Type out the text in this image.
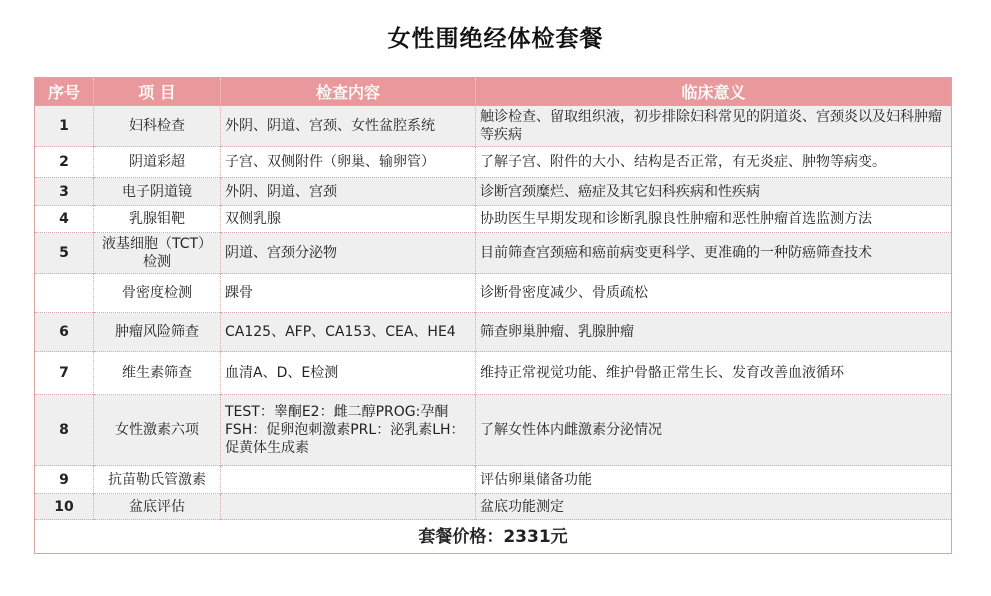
女性围绝经体检套餐
序号	项 目	检查内容	临床意义
1	妇科检查	外阴、阴道、宫颈、女性盆腔系统	触诊检查、留取组织液，初步排除妇科常见的阴道炎、宫颈炎以及妇科肿瘤等疾病
2	阴道彩超	子宫、双侧附件（卵巢、输卵管）	了解子宫、附件的大小、结构是否正常，有无炎症、肿物等病变。
3	电子阴道镜	外阴、阴道、宫颈	诊断宫颈糜烂、癌症及其它妇科疾病和性疾病
4	乳腺钼靶	双侧乳腺	协助医生早期发现和诊断乳腺良性肿瘤和恶性肿瘤首选监测方法
5	液基细胞（TCT）检测	阴道、宫颈分泌物	目前筛查宫颈癌和癌前病变更科学、更准确的一种防癌筛查技术
	骨密度检测	踝骨	诊断骨密度减少、骨质疏松
6	肿瘤风险筛查	CA125、AFP、CA153、CEA、HE4	筛查卵巢肿瘤、乳腺肿瘤
7	维生素筛查	血清A、D、E检测	维持正常视觉功能、维护骨骼正常生长、发育改善血液循环
8	女性激素六项	TEST：睾酮E2：雌二醇PROG:孕酮FSH：促卵泡刺激素PRL：泌乳素LH：促黄体生成素	了解女性体内雌激素分泌情况
9	抗苗勒氏管激素		评估卵巢储备功能
10	盆底评估		盆底功能测定
套餐价格：2331元			
